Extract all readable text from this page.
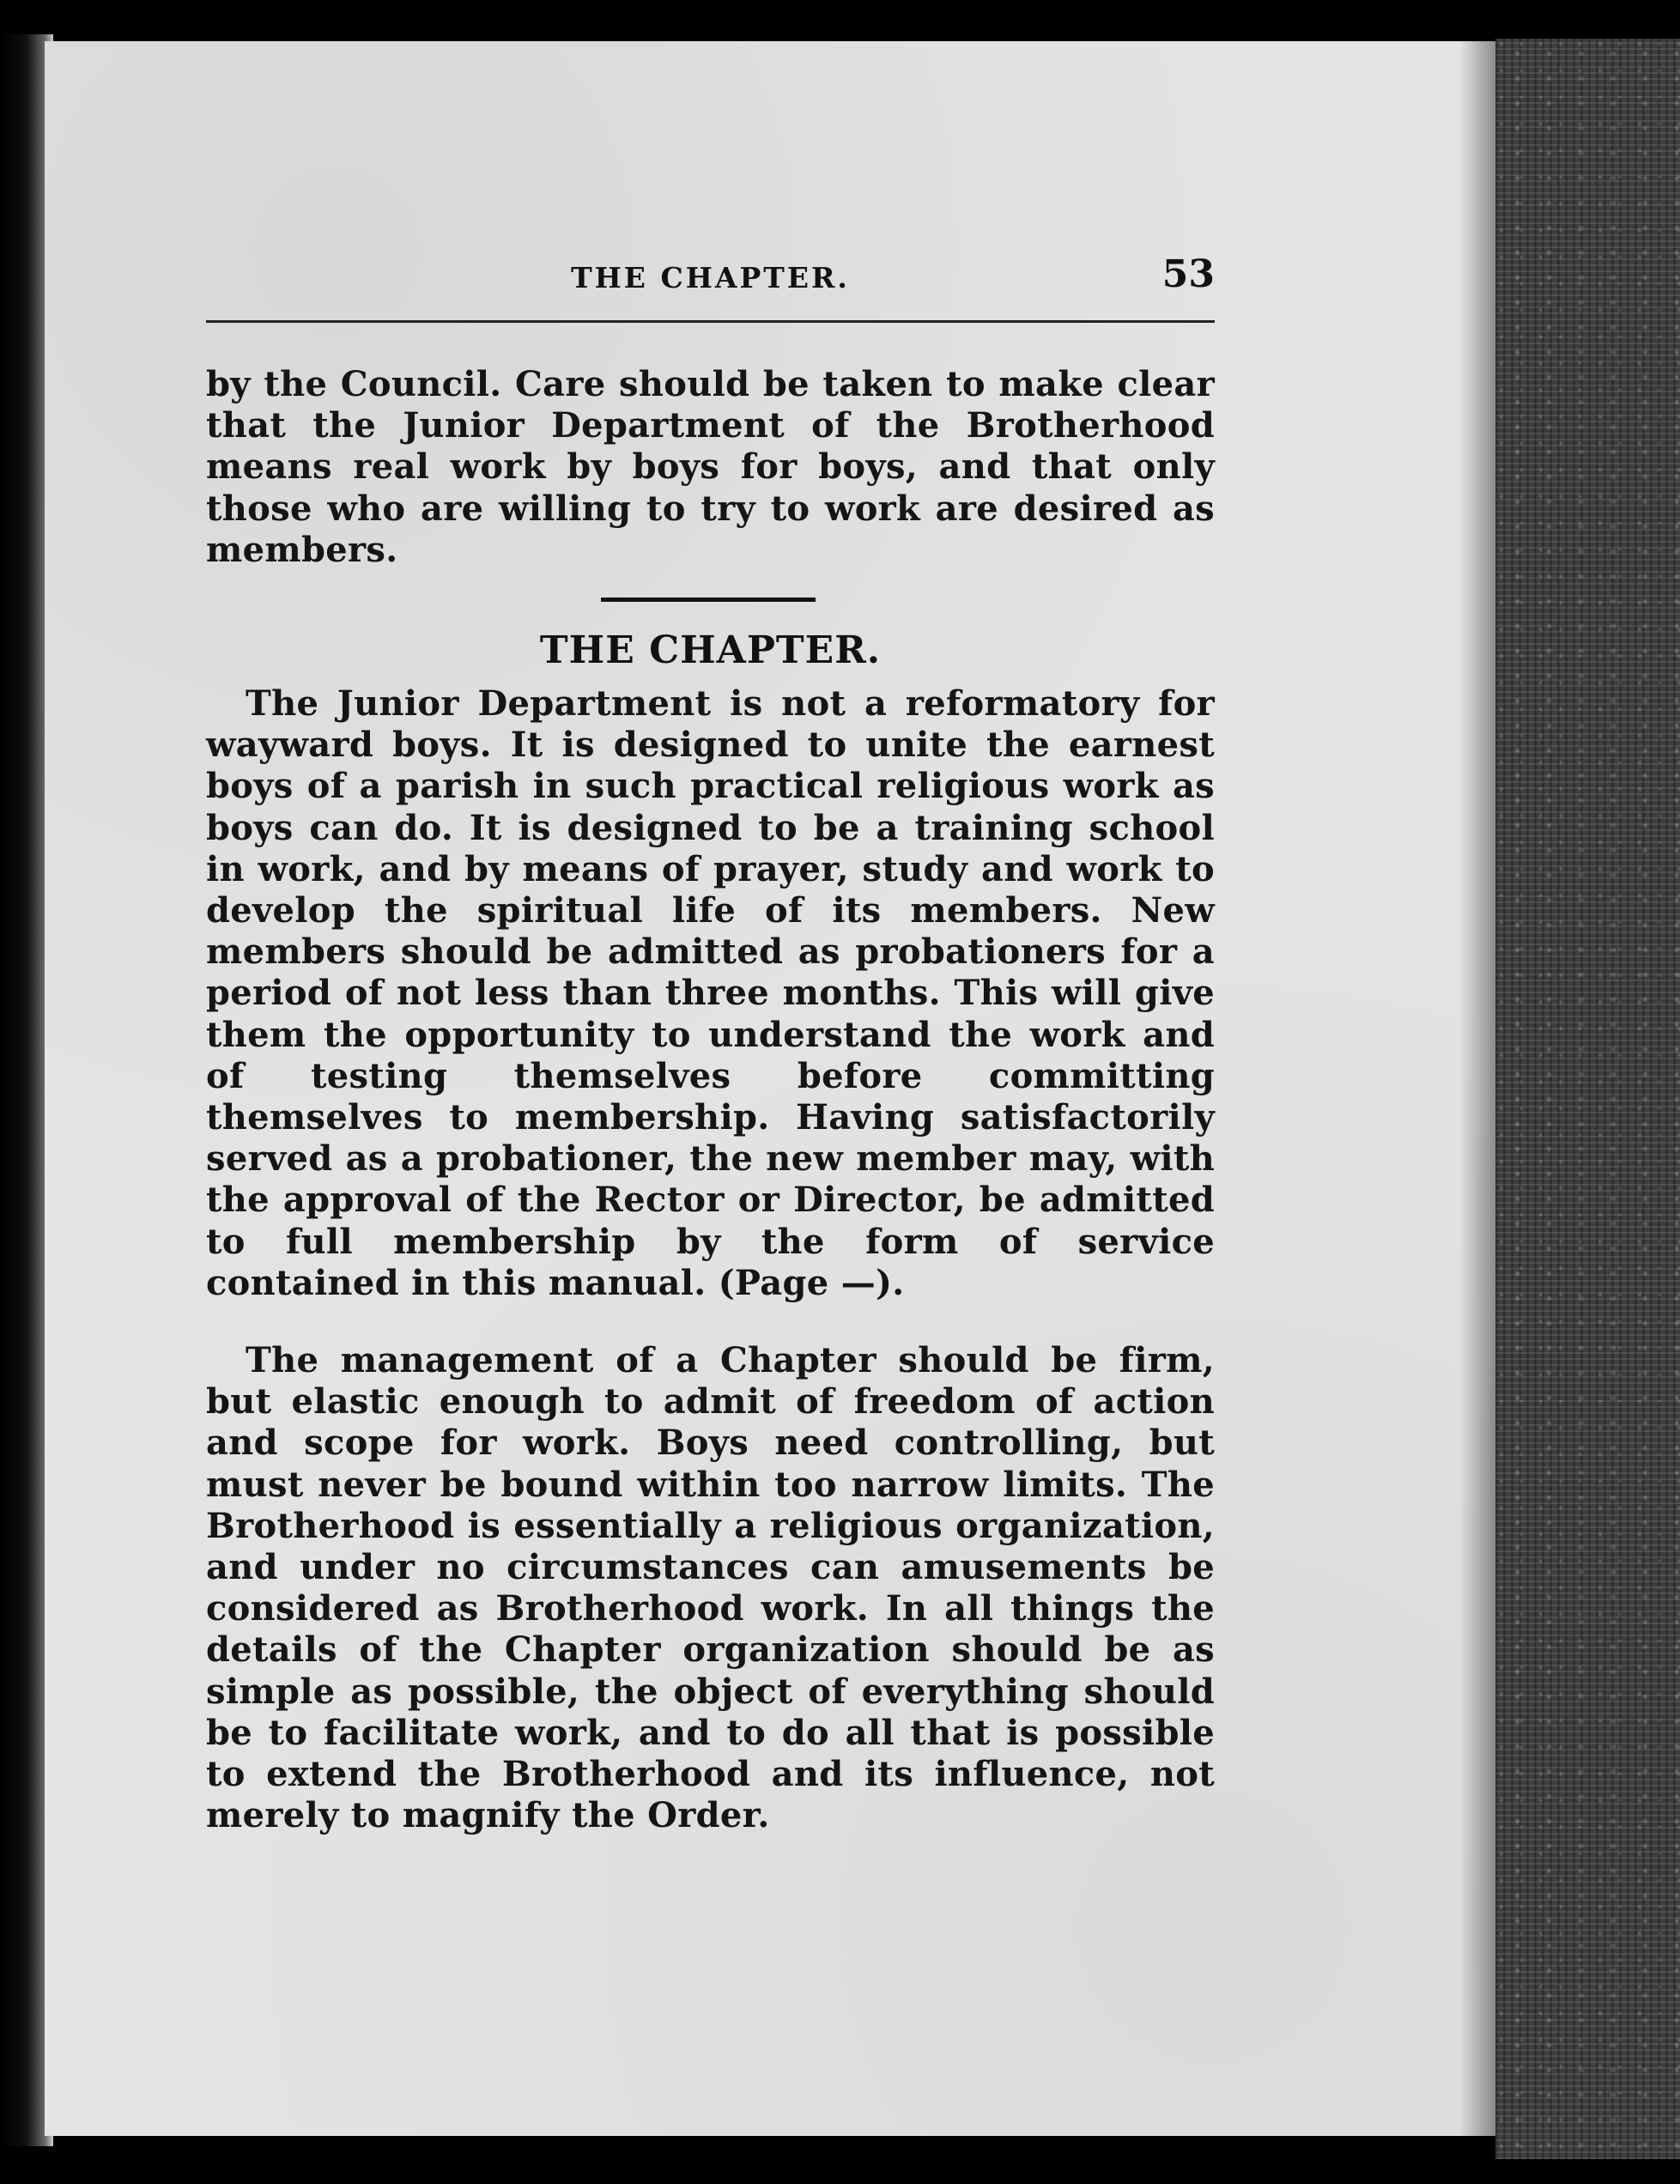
THE CHAPTER.	53

by the Council. Care should be taken to make clear that the Junior Department of the Brotherhood means real work by boys for boys, and that only those who are willing to try to work are desired as members.

THE CHAPTER.

The Junior Department is not a reformatory for wayward boys. It is designed to unite the earnest boys of a parish in such practical religious work as boys can do. It is designed to be a training school in work, and by means of prayer, study and work to develop the spiritual life of its members. New members should be admitted as probationers for a period of not less than three months. This will give them the opportunity to understand the work and of testing themselves before committing themselves to membership. Having satisfactorily served as a probationer, the new member may, with the approval of the Rector or Director, be admitted to full membership by the form of service contained in this manual. (Page —).

The management of a Chapter should be firm, but elastic enough to admit of freedom of action and scope for work. Boys need controlling, but must never be bound within too narrow limits. The Brotherhood is essentially a religious organization, and under no circumstances can amusements be considered as Brotherhood work. In all things the details of the Chapter organization should be as simple as possible, the object of everything should be to facilitate work, and to do all that is possible to extend the Brotherhood and its influence, not merely to magnify the Order.
